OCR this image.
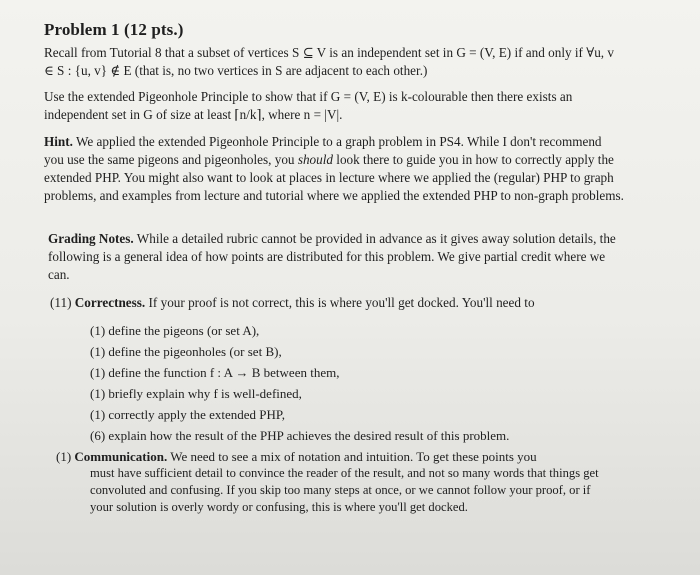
Problem 1 (12 pts.)

Recall from Tutorial 8 that a subset of vertices S ⊆ V is an independent set in G = (V, E) if and only if ∀u, v ∈ S : {u, v} ∉ E (that is, no two vertices in S are adjacent to each other.)

Use the extended Pigeonhole Principle to show that if G = (V, E) is k-colourable then there exists an independent set in G of size at least ⌈n/k⌉, where n = |V|.

Hint. We applied the extended Pigeonhole Principle to a graph problem in PS4. While I don't recommend you use the same pigeons and pigeonholes, you should look there to guide you in how to correctly apply the extended PHP. You might also want to look at places in lecture where we applied the (regular) PHP to graph problems, and examples from lecture and tutorial where we applied the extended PHP to non-graph problems.

Grading Notes. While a detailed rubric cannot be provided in advance as it gives away solution details, the following is a general idea of how points are distributed for this problem. We give partial credit where we can.

(11) Correctness. If your proof is not correct, this is where you'll get docked. You'll need to

(1) define the pigeons (or set A),
(1) define the pigeonholes (or set B),
(1) define the function f : A → B between them,
(1) briefly explain why f is well-defined,
(1) correctly apply the extended PHP,
(6) explain how the result of the PHP achieves the desired result of this problem.

(1) Communication. We need to see a mix of notation and intuition. To get these points you
must have sufficient detail to convince the reader of the result, and not so many words that things get convoluted and confusing. If you skip too many steps at once, or we cannot follow your proof, or if your solution is overly wordy or confusing, this is where you'll get docked.
